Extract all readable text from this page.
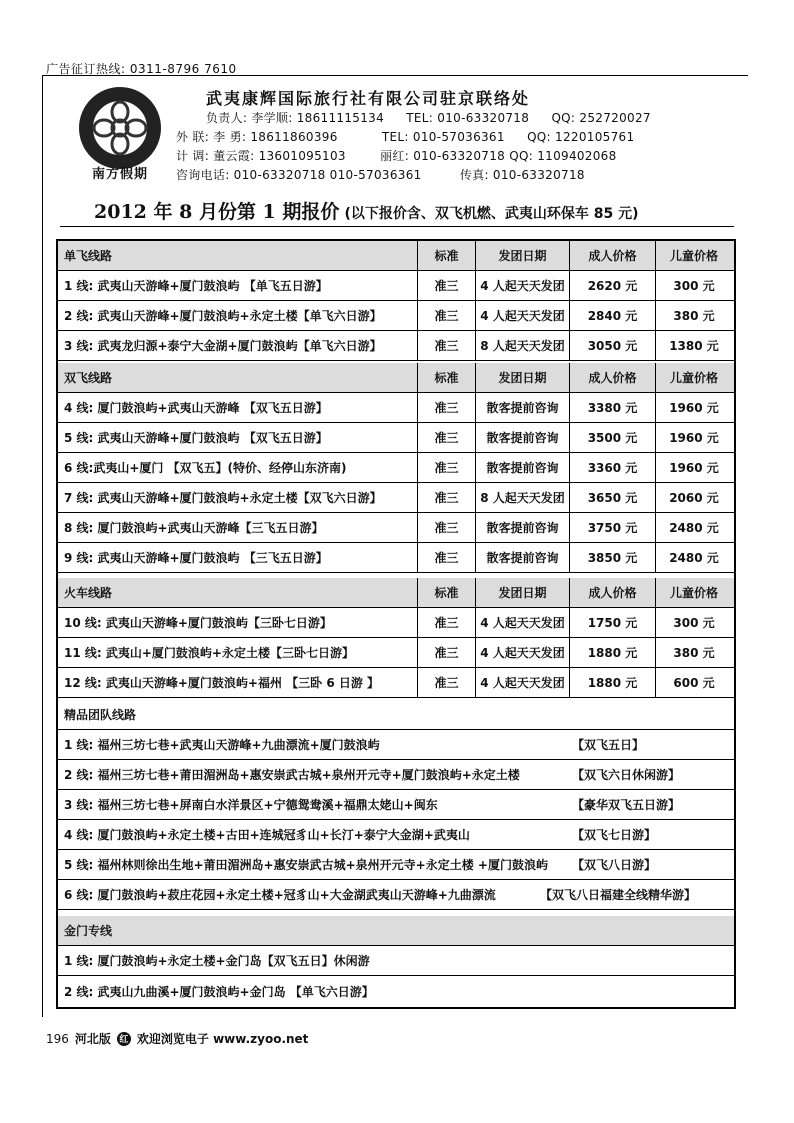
广告征订热线: 0311-8796 7610
南方假期
武夷康辉国际旅行社有限公司驻京联络处
负责人: 李学顺: 18611115134 TEL: 010-63320718 QQ: 252720027
外 联: 李 勇: 18611860396	TEL: 010-57036361 QQ: 1220105761
计 调: 董云霞: 13601095103	丽红: 010-63320718 QQ: 1109402068
咨询电话: 010-63320718 010-57036361	传真: 010-63320718
2012 年 8 月份第 1 期报价 (以下报价含、双飞机燃、武夷山环保车 85 元)
单飞线路	标准	发团日期	成人价格	儿童价格
1 线: 武夷山天游峰+厦门鼓浪屿 【单飞五日游】	准三	4 人起天天发团	2620 元	300 元
2 线: 武夷山天游峰+厦门鼓浪屿+永定土楼【单飞六日游】	准三	4 人起天天发团	2840 元	380 元
3 线: 武夷龙归源+泰宁大金湖+厦门鼓浪屿【单飞六日游】	准三	8 人起天天发团	3050 元	1380 元
双飞线路	标准	发团日期	成人价格	儿童价格
4 线: 厦门鼓浪屿+武夷山天游峰 【双飞五日游】	准三	散客提前咨询	3380 元	1960 元
5 线: 武夷山天游峰+厦门鼓浪屿 【双飞五日游】	准三	散客提前咨询	3500 元	1960 元
6 线:武夷山+厦门 【双飞五】(特价、经停山东济南)	准三	散客提前咨询	3360 元	1960 元
7 线: 武夷山天游峰+厦门鼓浪屿+永定土楼【双飞六日游】	准三	8 人起天天发团	3650 元	2060 元
8 线: 厦门鼓浪屿+武夷山天游峰【三飞五日游】	准三	散客提前咨询	3750 元	2480 元
9 线: 武夷山天游峰+厦门鼓浪屿 【三飞五日游】	准三	散客提前咨询	3850 元	2480 元
火车线路	标准	发团日期	成人价格	儿童价格
10 线: 武夷山天游峰+厦门鼓浪屿【三卧七日游】	准三	4 人起天天发团	1750 元	300 元
11 线: 武夷山+厦门鼓浪屿+永定土楼【三卧七日游】	准三	4 人起天天发团	1880 元	380 元
12 线: 武夷山天游峰+厦门鼓浪屿+福州 【三卧 6 日游 】	准三	4 人起天天发团	1880 元	600 元
精品团队线路
1 线: 福州三坊七巷+武夷山天游峰+九曲漂流+厦门鼓浪屿	【双飞五日】
2 线: 福州三坊七巷+莆田湄洲岛+惠安崇武古城+泉州开元寺+厦门鼓浪屿+永定土楼	【双飞六日休闲游】
3 线: 福州三坊七巷+屏南白水洋景区+宁德鸳鸯溪+福鼎太姥山+闽东	【豪华双飞五日游】
4 线: 厦门鼓浪屿+永定土楼+古田+连城冠豸山+长汀+泰宁大金湖+武夷山	【双飞七日游】
5 线: 福州林则徐出生地+莆田湄洲岛+惠安崇武古城+泉州开元寺+永定土楼 +厦门鼓浪屿	【双飞八日游】
6 线: 厦门鼓浪屿+菽庄花园+永定土楼+冠豸山+大金湖武夷山天游峰+九曲漂流	【双飞八日福建全线精华游】
金门专线
1 线: 厦门鼓浪屿+永定土楼+金门岛【双飞五日】休闲游
2 线: 武夷山九曲溪+厦门鼓浪屿+金门岛 【单飞六日游】
196 河北版 红 欢迎浏览电子 www.zyoo.net
